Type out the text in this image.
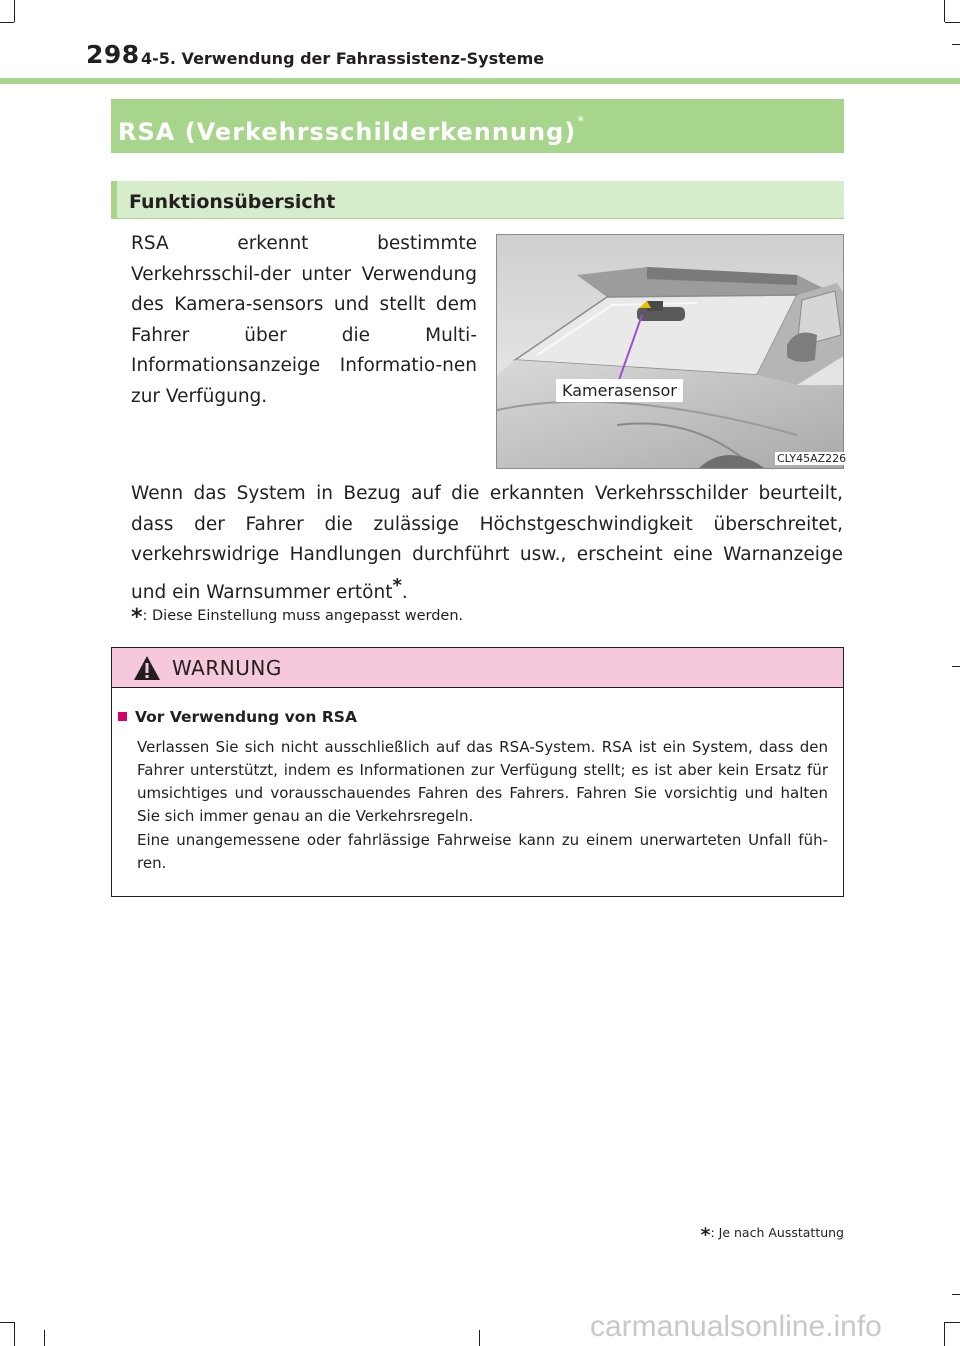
298 4-5. Verwendung der Fahrassistenz-Systeme
RSA (Verkehrsschilderkennung)*
Funktionsübersicht
RSA erkennt bestimmte Verkehrsschil-der unter Verwendung des Kamera-sensors und stellt dem Fahrer über die Multi-Informationsanzeige Informatio-nen zur Verfügung.	Kamerasensor
CLY45AZ226
Wenn das System in Bezug auf die erkannten Verkehrsschilder beurteilt, dass der Fahrer die zulässige Höchstgeschwindigkeit überschreitet, verkehrswidrige Handlungen durchführt usw., erscheint eine Warnanzeige und ein Warnsummer ertönt*.
*: Diese Einstellung muss angepasst werden.
WARNUNG
Vor Verwendung von RSA
Verlassen Sie sich nicht ausschließlich auf das RSA-System. RSA ist ein System, dass den Fahrer unterstützt, indem es Informationen zur Verfügung stellt; es ist aber kein Ersatz für umsichtiges und vorausschauendes Fahren des Fahrers. Fahren Sie vorsichtig und halten Sie sich immer genau an die Verkehrsregeln.
Eine unangemessene oder fahrlässige Fahrweise kann zu einem unerwarteten Unfall füh-ren.
*: Je nach Ausstattung
carmanualsonline.info
